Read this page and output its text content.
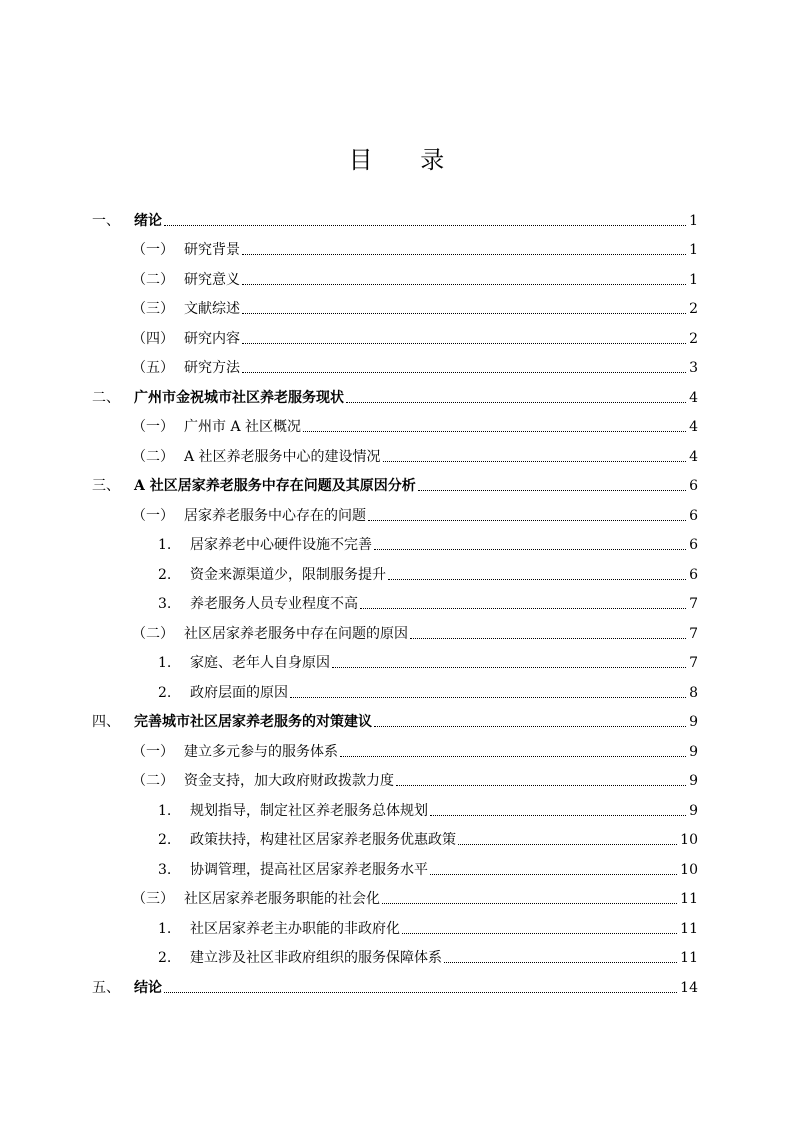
目 录
一、	绪论	1
（一） 研究背景	1
（二） 研究意义	1
（三） 文献综述	2
（四） 研究内容	2
（五） 研究方法	3
二、	广州市金祝城市社区养老服务现状	4
（一） 广州市 A 社区概况	4
（二） A 社区养老服务中心的建设情况	4
三、	A 社区居家养老服务中存在问题及其原因分析	6
（一） 居家养老服务中心存在的问题	6
1.	居家养老中心硬件设施不完善	6
2.	资金来源渠道少，限制服务提升	6
3.	养老服务人员专业程度不高	7
（二） 社区居家养老服务中存在问题的原因	7
1.	家庭、老年人自身原因	7
2.	政府层面的原因	8
四、	完善城市社区居家养老服务的对策建议	9
（一） 建立多元参与的服务体系	9
（二） 资金支持，加大政府财政拨款力度	9
1.	规划指导，制定社区养老服务总体规划	9
2.	政策扶持，构建社区居家养老服务优惠政策	10
3.	协调管理，提高社区居家养老服务水平	10
（三） 社区居家养老服务职能的社会化	11
1.	社区居家养老主办职能的非政府化	11
2.	建立涉及社区非政府组织的服务保障体系	11
五、	结论	14
